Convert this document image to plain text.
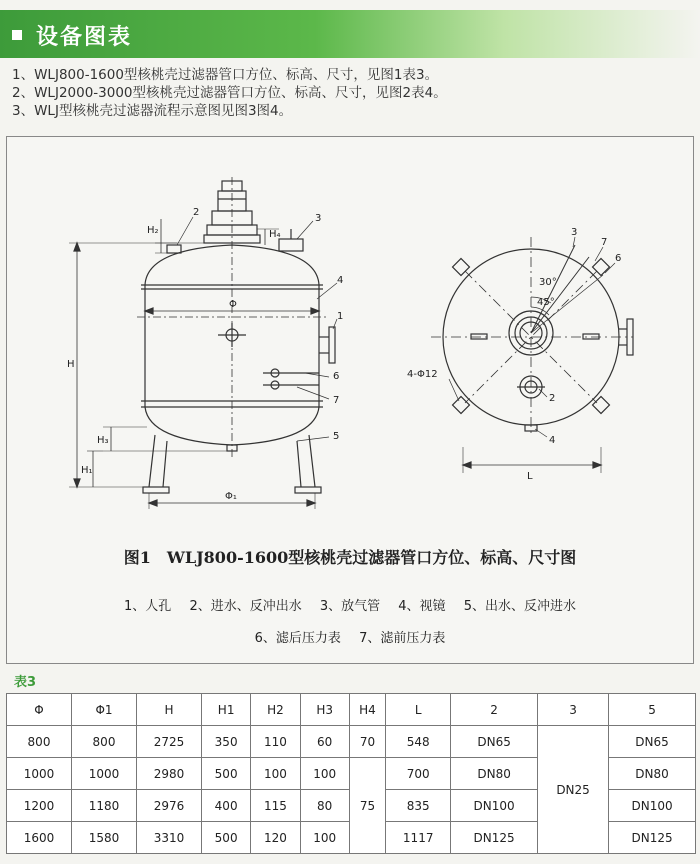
设备图表
1、WLJ800-1600型核桃壳过滤器管口方位、标高、尺寸，见图1表3。
2、WLJ2000-3000型核桃壳过滤器管口方位、标高、尺寸，见图2表4。
3、WLJ型核桃壳过滤器流程示意图见图3图4。
H
H₂	H₄
H₃
H₁
Φ
Φ₁
2
3
4
1
6
7
5
30°
45°
4-Φ12
L
3
7
6
2
4
图1　WLJ800-1600型核桃壳过滤器管口方位、标高、尺寸图
1、人孔 2、进水、反冲出水 3、放气管 4、视镜 5、出水、反冲进水
6、滤后压力表 7、滤前压力表
表3
Φ	Φ1	H	H1	H2	H3	H4	L	2	3	5
800	800	2725	350	110	60	70	548	DN65	DN25	DN65
1000	1000	2980	500	100	100	75	700	DN80		DN80
1200	1180	2976	400	115	80		835	DN100		DN100
1600	1580	3310	500	120	100		1117	DN125		DN125
